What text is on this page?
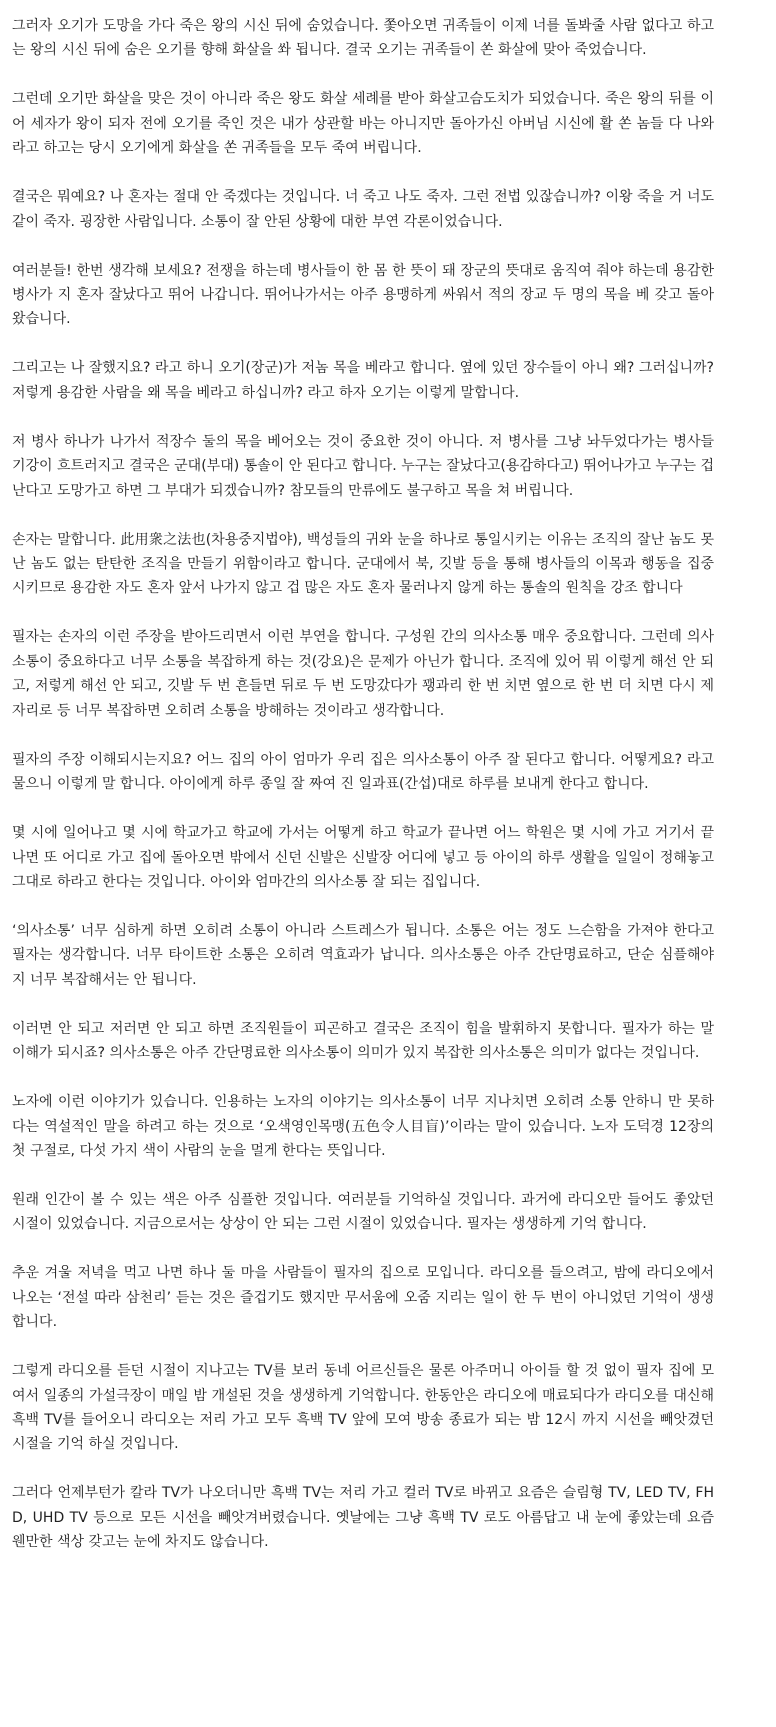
그러자 오기가 도망을 가다 죽은 왕의 시신 뒤에 숨었습니다. 쫓아오면 귀족들이 이제 너를 돌봐줄 사람 없다고 하고는 왕의 시신 뒤에 숨은 오기를 향해 화살을 쏴 됩니다. 결국 오기는 귀족들이 쏜 화살에 맞아 죽었습니다.

그런데 오기만 화살을 맞은 것이 아니라 죽은 왕도 화살 세례를 받아 화살고슴도치가 되었습니다. 죽은 왕의 뒤를 이어 세자가 왕이 되자 전에 오기를 죽인 것은 내가 상관할 바는 아니지만 돌아가신 아버님 시신에 활 쏜 놈들 다 나와 라고 하고는 당시 오기에게 화살을 쏜 귀족들을 모두 죽여 버립니다.

결국은 뭐예요? 나 혼자는 절대 안 죽겠다는 것입니다. 너 죽고 나도 죽자. 그런 전법 있잖습니까? 이왕 죽을 거 너도 같이 죽자. 굉장한 사람입니다. 소통이 잘 안된 상황에 대한 부연 각론이었습니다.

여러분들! 한번 생각해 보세요? 전쟁을 하는데 병사들이 한 몸 한 뜻이 돼 장군의 뜻대로 움직여 줘야 하는데 용감한 병사가 지 혼자 잘났다고 뛰어 나갑니다. 뛰어나가서는 아주 용맹하게 싸워서 적의 장교 두 명의 목을 베 갖고 돌아왔습니다.

그리고는 나 잘했지요? 라고 하니 오기(장군)가 저놈 목을 베라고 합니다. 옆에 있던 장수들이 아니 왜? 그러십니까? 저렇게 용감한 사람을 왜 목을 베라고 하십니까? 라고 하자 오기는 이렇게 말합니다.

저 병사 하나가 나가서 적장수 둘의 목을 베어오는 것이 중요한 것이 아니다. 저 병사를 그냥 놔두었다가는 병사들 기강이 흐트러지고 결국은 군대(부대) 통솔이 안 된다고 합니다. 누구는 잘났다고(용감하다고) 뛰어나가고 누구는 겁난다고 도망가고 하면 그 부대가 되겠습니까? 참모들의 만류에도 불구하고 목을 쳐 버립니다.

손자는 말합니다. 此用衆之法也(차용중지법야), 백성들의 귀와 눈을 하나로 통일시키는 이유는 조직의 잘난 놈도 못난 놈도 없는 탄탄한 조직을 만들기 위함이라고 합니다. 군대에서 북, 깃발 등을 통해 병사들의 이목과 행동을 집중시키므로 용감한 자도 혼자 앞서 나가지 않고 겁 많은 자도 혼자 물러나지 않게 하는 통솔의 원칙을 강조 합니다

필자는 손자의 이런 주장을 받아드리면서 이런 부연을 합니다. 구성원 간의 의사소통 매우 중요합니다. 그런데 의사소통이 중요하다고 너무 소통을 복잡하게 하는 것(강요)은 문제가 아닌가 합니다. 조직에 있어 뭐 이렇게 해선 안 되고, 저렇게 해선 안 되고, 깃발 두 번 흔들면 뒤로 두 번 도망갔다가 꽹과리 한 번 치면 옆으로 한 번 더 치면 다시 제자리로 등 너무 복잡하면 오히려 소통을 방해하는 것이라고 생각합니다.

필자의 주장 이해되시는지요? 어느 집의 아이 엄마가 우리 집은 의사소통이 아주 잘 된다고 합니다. 어떻게요? 라고 물으니 이렇게 말 합니다. 아이에게 하루 종일 잘 짜여 진 일과표(간섭)대로 하루를 보내게 한다고 합니다.

몇 시에 일어나고 몇 시에 학교가고 학교에 가서는 어떻게 하고 학교가 끝나면 어느 학원은 몇 시에 가고 거기서 끝나면 또 어디로 가고 집에 돌아오면 밖에서 신던 신발은 신발장 어디에 넣고 등 아이의 하루 생활을 일일이 정해놓고 그대로 하라고 한다는 것입니다. 아이와 엄마간의 의사소통 잘 되는 집입니다.

‘의사소통’ 너무 심하게 하면 오히려 소통이 아니라 스트레스가 됩니다. 소통은 어는 정도 느슨함을 가져야 한다고 필자는 생각합니다. 너무 타이트한 소통은 오히려 역효과가 납니다. 의사소통은 아주 간단명료하고, 단순 심플해야지 너무 복잡해서는 안 됩니다.

이러면 안 되고 저러면 안 되고 하면 조직원들이 피곤하고 결국은 조직이 힘을 발휘하지 못합니다. 필자가 하는 말 이해가 되시죠? 의사소통은 아주 간단명료한 의사소통이 의미가 있지 복잡한 의사소통은 의미가 없다는 것입니다.

노자에 이런 이야기가 있습니다. 인용하는 노자의 이야기는 의사소통이 너무 지나치면 오히려 소통 안하니 만 못하다는 역설적인 말을 하려고 하는 것으로 ‘오색영인목맹(五色令人目盲)’이라는 말이 있습니다. 노자 도덕경 12장의 첫 구절로, 다섯 가지 색이 사람의 눈을 멀게 한다는 뜻입니다.

원래 인간이 볼 수 있는 색은 아주 심플한 것입니다. 여러분들 기억하실 것입니다. 과거에 라디오만 들어도 좋았던 시절이 있었습니다. 지금으로서는 상상이 안 되는 그런 시절이 있었습니다. 필자는 생생하게 기억 합니다.

추운 겨울 저녁을 먹고 나면 하나 둘 마을 사람들이 필자의 집으로 모입니다. 라디오를 들으려고, 밤에 라디오에서 나오는 ‘전설 따라 삼천리’ 듣는 것은 즐겁기도 했지만 무서움에 오줌 지리는 일이 한 두 번이 아니었던 기억이 생생합니다.

그렇게 라디오를 듣던 시절이 지나고는 TV를 보러 동네 어르신들은 물론 아주머니 아이들 할 것 없이 필자 집에 모여서 일종의 가설극장이 매일 밤 개설된 것을 생생하게 기억합니다. 한동안은 라디오에 매료되다가 라디오를 대신해 흑백 TV를 들어오니 라디오는 저리 가고 모두 흑백 TV 앞에 모여 방송 종료가 되는 밤 12시 까지 시선을 빼앗겼던 시절을 기억 하실 것입니다.

그러다 언제부턴가 칼라 TV가 나오더니만 흑백 TV는 저리 가고 컬러 TV로 바뀌고 요즘은 슬림형 TV, LED TV, FHD, UHD TV 등으로 모든 시선을 빼앗겨버렸습니다. 옛날에는 그냥 흑백 TV 로도 아름답고 내 눈에 좋았는데 요즘 웬만한 색상 갖고는 눈에 차지도 않습니다.
